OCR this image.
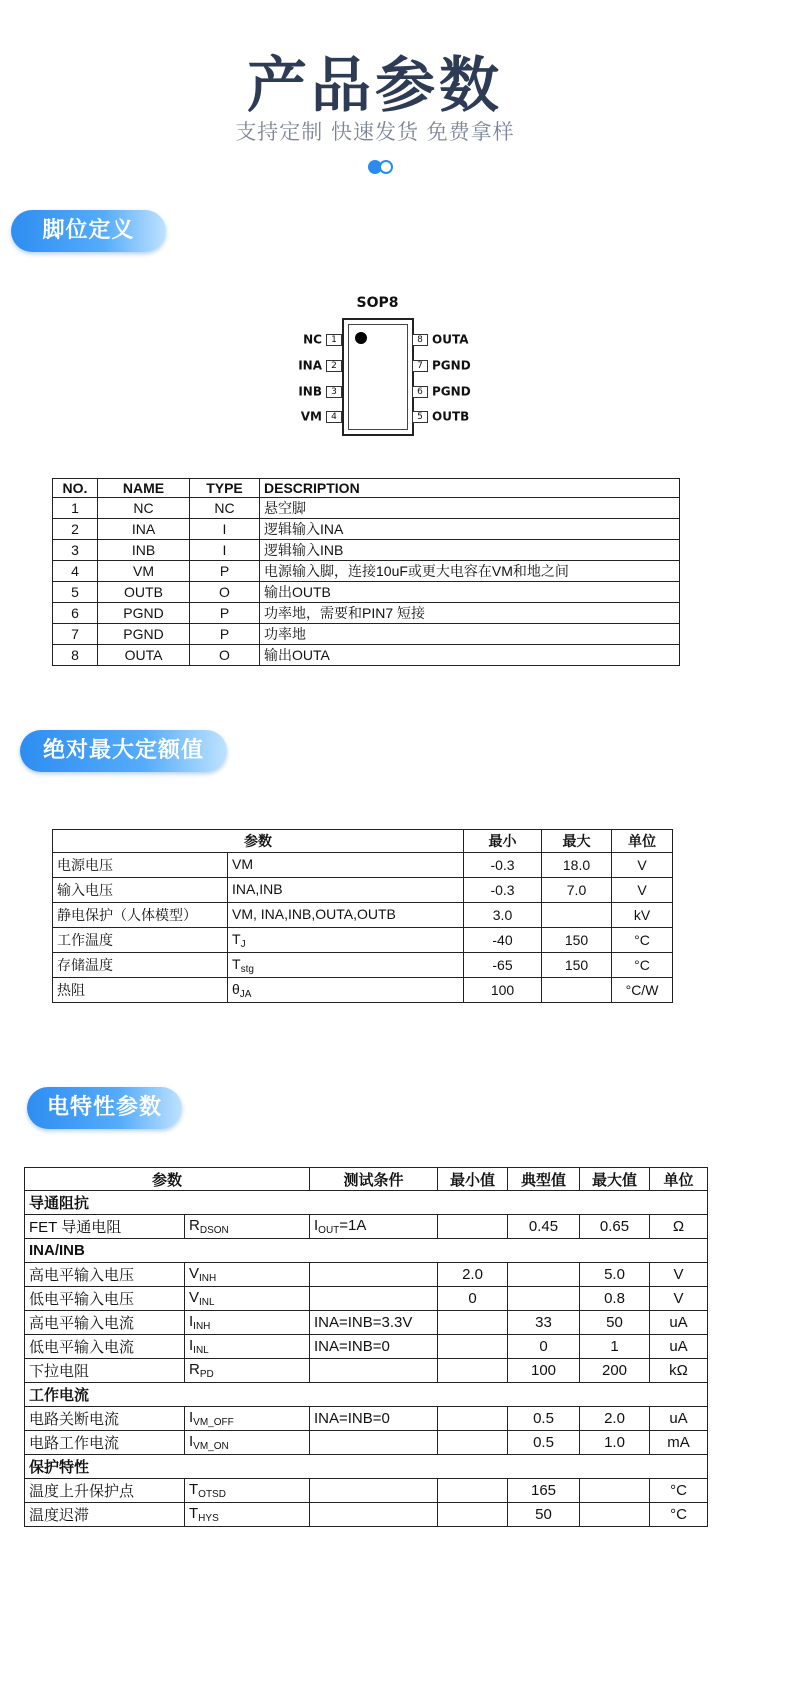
产品参数
支持定制 快速发货 免费拿样
脚位定义
SOP8
NC 1
INA 2
INB 3
VM 4
8 OUTA
7 PGND
6 PGND
5 OUTB
NO.	NAME	TYPE	DESCRIPTION
1	NC	NC	悬空脚
2	INA	I	逻辑输入INA
3	INB	I	逻辑输入INB
4	VM	P	电源输入脚，连接10uF或更大电容在VM和地之间
5	OUTB	O	输出OUTB
6	PGND	P	功率地，需要和PIN7 短接
7	PGND	P	功率地
8	OUTA	O	输出OUTA
绝对最大定额值
参数		最小	最大	单位
电源电压	VM	-0.3	18.0	V
输入电压	INA,INB	-0.3	7.0	V
静电保护（人体模型）	VM, INA,INB,OUTA,OUTB	3.0		kV
工作温度	$T_J$	-40	150	°C
存储温度	$T_{stg}$	-65	150	°C
热阻	$\theta_{JA}$	100		°C/W
电特性参数
参数		测试条件	最小值	典型值	最大值	单位
导通阻抗						
FET 导通电阻	$R_{DSON}$	$I_{OUT}=1A$		0.45	0.65	Ω
INA/INB						
高电平输入电压	$V_{INH}$		2.0		5.0	V
低电平输入电压	$V_{INL}$		0		0.8	V
高电平输入电流	$I_{INH}$	INA=INB=3.3V		33	50	uA
低电平输入电流	$I_{INL}$	INA=INB=0		0	1	uA
下拉电阻	$R_{PD}$			100	200	kΩ
工作电流						
电路关断电流	$I_{VM\_OFF}$	INA=INB=0		0.5	2.0	uA
电路工作电流	$I_{VM\_ON}$			0.5	1.0	mA
保护特性						
温度上升保护点	$T_{OTSD}$			165		°C
温度迟滞	$T_{HYS}$			50		°C
